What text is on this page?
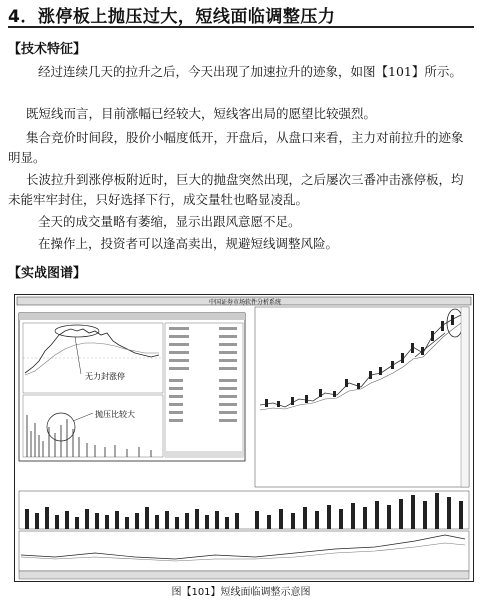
4．涨停板上抛压过大，短线面临调整压力
【技术特征】
经过连续几天的拉升之后，今天出现了加速拉升的迹象，如图【101】所示。
既短线而言，目前涨幅已经较大，短线客出局的愿望比较强烈。
集合竞价时间段，股价小幅度低开，开盘后，从盘口来看，主力对前拉升的迹象明显。
长波拉升到涨停板附近时，巨大的抛盘突然出现，之后屡次三番冲击涨停板，均未能牢牢封住，只好选择下行，成交量牡也略显凌乱。
全天的成交量略有萎缩，显示出跟风意愿不足。
在操作上，投资者可以逢高卖出，规避短线调整风险。
【实战图谱】
中国证券市场软件分析系统
无力封涨停
抛压比较大
图【101】短线面临调整示意图
